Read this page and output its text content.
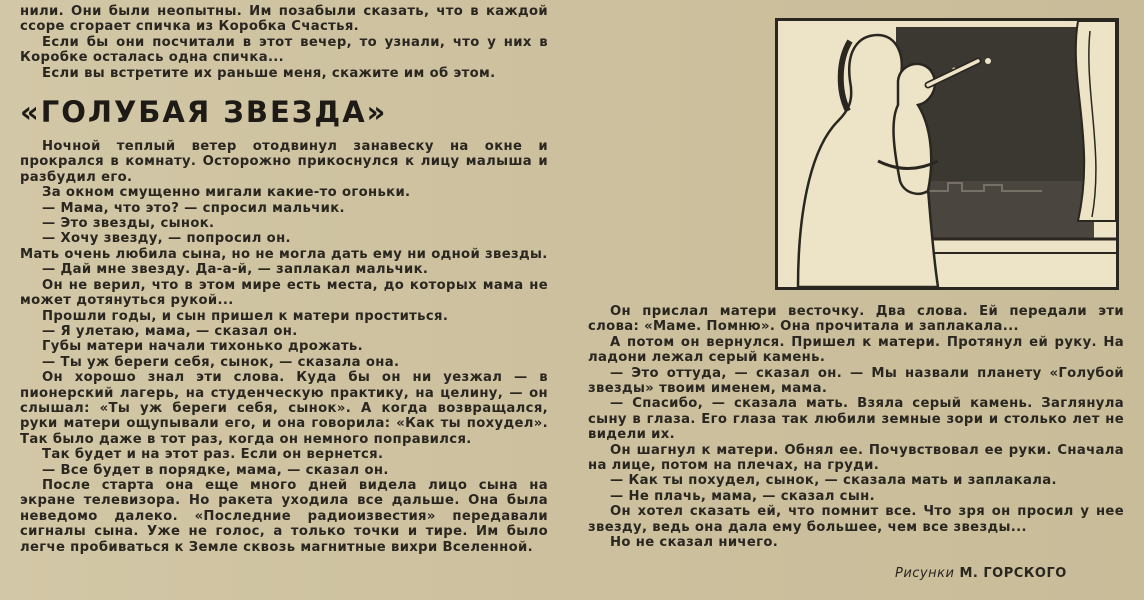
нили. Они были неопытны. Им позабыли сказать, что в каждой ссоре сгорает спичка из Коробка Счастья.

Если бы они посчитали в этот вечер, то узнали, что у них в Коробке осталась одна спичка...

Если вы встретите их раньше меня, скажите им об этом.

«ГОЛУБАЯ ЗВЕЗДА»

Ночной теплый ветер отодвинул занавеску на окне и прокрался в комнату. Осторожно прикоснулся к лицу малыша и разбудил его.

За окном смущенно мигали какие-то огоньки.

— Мама, что это? — спросил мальчик.

— Это звезды, сынок.

— Хочу звезду, — попросил он.

Мать очень любила сына, но не могла дать ему ни одной звезды.

— Дай мне звезду. Да-а-й, — заплакал мальчик.

Он не верил, что в этом мире есть места, до которых мама не может дотянуться рукой...

Прошли годы, и сын пришел к матери проститься.

— Я улетаю, мама, — сказал он.

Губы матери начали тихонько дрожать.

— Ты уж береги себя, сынок, — сказала она.

Он хорошо знал эти слова. Куда бы он ни уезжал — в пионерский лагерь, на студенческую практику, на целину, — он слышал: «Ты уж береги себя, сынок». А когда возвращался, руки матери ощупывали его, и она говорила: «Как ты похудел». Так было даже в тот раз, когда он немного поправился.

Так будет и на этот раз. Если он вернется.

— Все будет в порядке, мама, — сказал он.

После старта она еще много дней видела лицо сына на экране телевизора. Но ракета уходила все дальше. Она была неведомо далеко. «Последние радиоизвестия» передавали сигналы сына. Уже не голос, а только точки и тире. Им было легче пробиваться к Земле сквозь магнитные вихри Вселенной.

Он прислал матери весточку. Два слова. Ей передали эти слова: «Маме. Помню». Она прочитала и заплакала...

А потом он вернулся. Пришел к матери. Протянул ей руку. На ладони лежал серый камень.

— Это оттуда, — сказал он. — Мы назвали планету «Голубой звезды» твоим именем, мама.

— Спасибо, — сказала мать. Взяла серый камень. Заглянула сыну в глаза. Его глаза так любили земные зори и столько лет не видели их.

Он шагнул к матери. Обнял ее. Почувствовал ее руки. Сначала на лице, потом на плечах, на груди.

— Как ты похудел, сынок, — сказала мать и заплакала.

— Не плачь, мама, — сказал сын.

Он хотел сказать ей, что помнит все. Что зря он просил у нее звезду, ведь она дала ему большее, чем все звезды...

Но не сказал ничего.

Рисунки М. ГОРСКОГО
